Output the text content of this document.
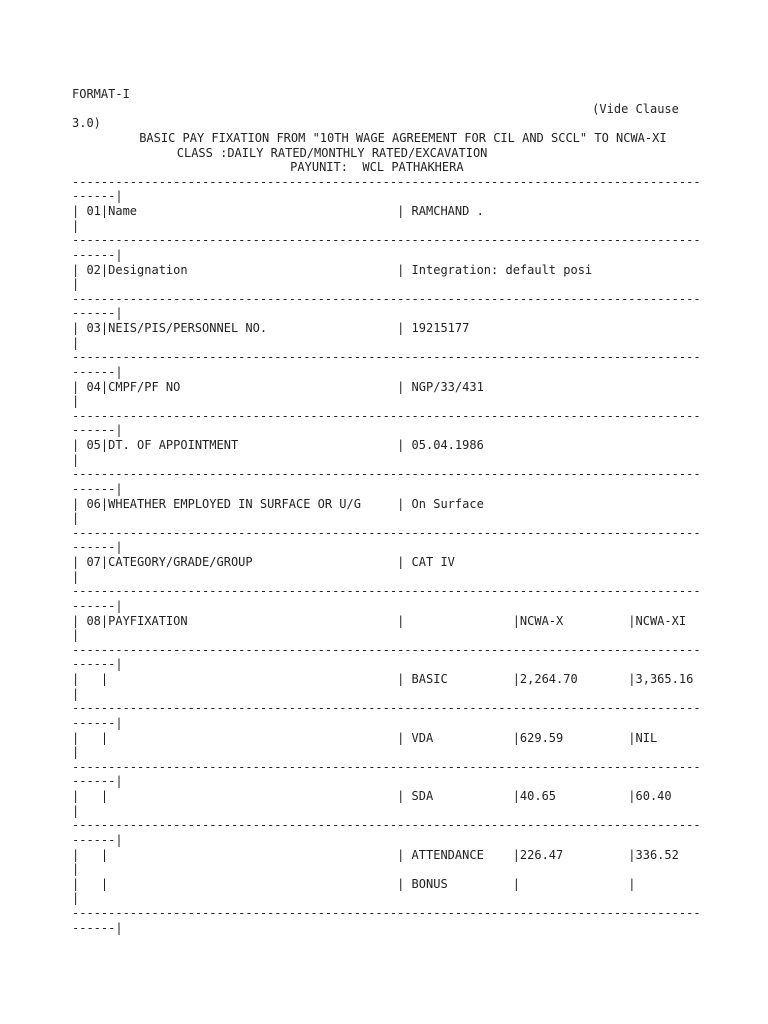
FORMAT-I
(Vide Clause
3.0)
BASIC PAY FIXATION FROM "10TH WAGE AGREEMENT FOR CIL AND SCCL" TO NCWA-XI
CLASS :DAILY RATED/MONTHLY RATED/EXCAVATION
PAYUNIT:  WCL PATHAKHERA
---------------------------------------------------------------------------------------
------|
| 01|Name	| RAMCHAND .
|
---------------------------------------------------------------------------------------
------|
| 02|Designation	| Integration: default posi
|
---------------------------------------------------------------------------------------
------|
| 03|NEIS/PIS/PERSONNEL NO.	| 19215177
|
---------------------------------------------------------------------------------------
------|
| 04|CMPF/PF NO	| NGP/33/431
|
---------------------------------------------------------------------------------------
------|
| 05|DT. OF APPOINTMENT	| 05.04.1986
|
---------------------------------------------------------------------------------------
------|
| 06|WHEATHER EMPLOYED IN SURFACE OR U/G	| On Surface
|
---------------------------------------------------------------------------------------
------|
| 07|CATEGORY/GRADE/GROUP	| CAT IV
|
---------------------------------------------------------------------------------------
------|
| 08|PAYFIXATION	|	|NCWA-X	|NCWA-XI
|
---------------------------------------------------------------------------------------
------|
|   |	| BASIC	|2,264.70	|3,365.16
|
---------------------------------------------------------------------------------------
------|
|   |	| VDA	|629.59	|NIL
|
---------------------------------------------------------------------------------------
------|
|   |	| SDA	|40.65	|60.40
|
---------------------------------------------------------------------------------------
------|
|   |	| ATTENDANCE	|226.47	|336.52
|
|   |	| BONUS	|	|
|
---------------------------------------------------------------------------------------
------|
